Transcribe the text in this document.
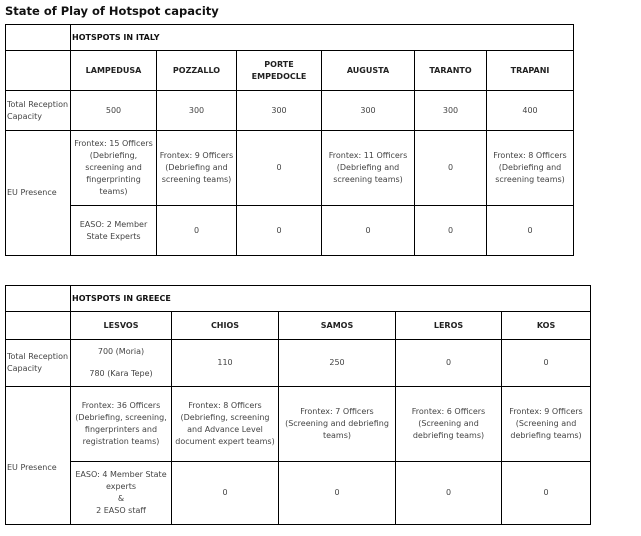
State of Play of Hotspot capacity
	HOTSPOTS IN ITALY					
	LAMPEDUSA	POZZALLO	PORTE EMPEDOCLE	AUGUSTA	TARANTO	TRAPANI
Total Reception Capacity	500	300	300	300	300	400
EU Presence	Frontex: 15 Officers (Debriefing, screening and fingerprinting teams)	Frontex: 9 Officers (Debriefing and screening teams)	0	Frontex: 11 Officers (Debriefing and screening teams)	0	Frontex: 8 Officers (Debriefing and screening teams)
	EASO: 2 Member State Experts	0	0	0	0	0
	HOTSPOTS IN GREECE				
	LESVOS	CHIOS	SAMOS	LEROS	KOS
Total Reception Capacity	700 (Moria)
780 (Kara Tepe)	110	250	0	0
EU Presence	Frontex: 36 Officers (Debriefing, screening, fingerprinters and registration teams)	Frontex: 8 Officers (Debriefing, screening and Advance Level document expert teams)	Frontex: 7 Officers (Screening and debriefing teams)	Frontex: 6 Officers (Screening and debriefing teams)	Frontex: 9 Officers (Screening and debriefing teams)

	EASO: 4 Member State experts
&
2 EASO staff	0	0	0	0
